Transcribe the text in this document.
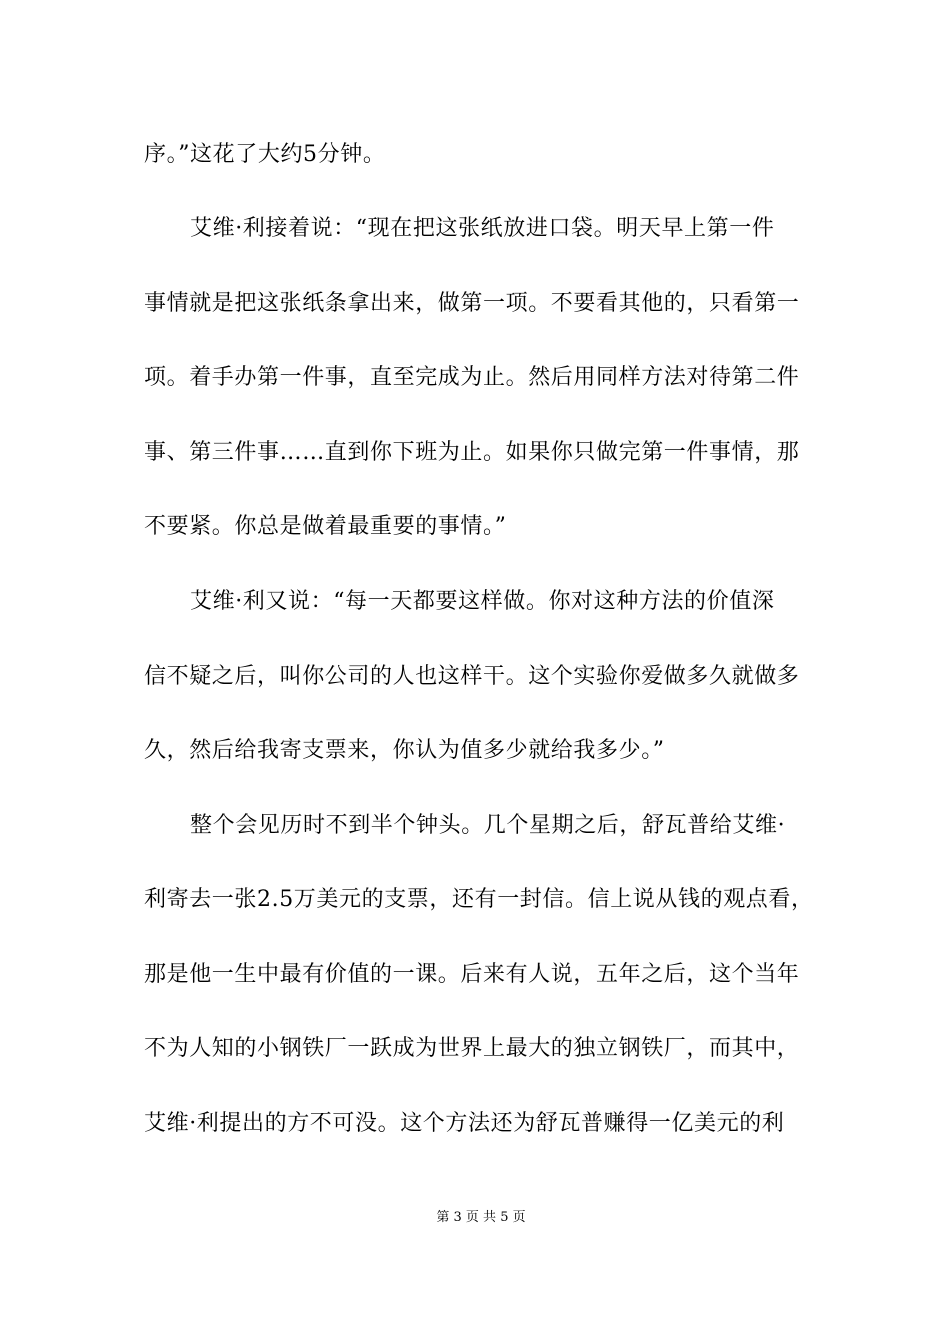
序。”这花了大约5分钟。
艾维·利接着说：“现在把这张纸放进口袋。明天早上第一件
事情就是把这张纸条拿出来，做第一项。不要看其他的，只看第一
项。着手办第一件事，直至完成为止。然后用同样方法对待第二件
事、第三件事……直到你下班为止。如果你只做完第一件事情，那
不要紧。你总是做着最重要的事情。”
艾维·利又说：“每一天都要这样做。你对这种方法的价值深
信不疑之后，叫你公司的人也这样干。这个实验你爱做多久就做多
久，然后给我寄支票来，你认为值多少就给我多少。”
整个会见历时不到半个钟头。几个星期之后，舒瓦普给艾维·
利寄去一张2.5万美元的支票，还有一封信。信上说从钱的观点看，
那是他一生中最有价值的一课。后来有人说，五年之后，这个当年
不为人知的小钢铁厂一跃成为世界上最大的独立钢铁厂，而其中，
艾维·利提出的方不可没。这个方法还为舒瓦普赚得一亿美元的利
第 3 页 共 5 页
